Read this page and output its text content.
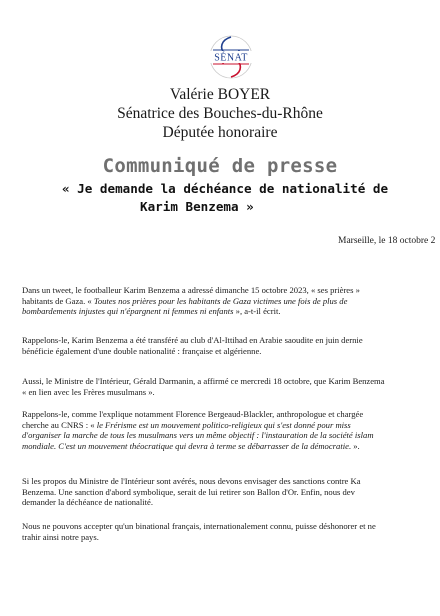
SÉNAT
Valérie BOYER
Sénatrice des Bouches-du-Rhône
Députée honoraire
Communiqué de presse
« Je demande la déchéance de nationalité de
Karim Benzema »
Marseille, le 18 octobre 2
Dans un tweet, le footballeur Karim Benzema a adressé dimanche 15 octobre 2023, « ses prières »
habitants de Gaza. « Toutes nos prières pour les habitants de Gaza victimes une fois de plus de
bombardements injustes qui n'épargnent ni femmes ni enfants », a-t-il écrit.
Rappelons-le, Karim Benzema a été transféré au club d'Al-Ittihad en Arabie saoudite en juin dernie
bénéficie également d'une double nationalité : française et algérienne.
Aussi, le Ministre de l'Intérieur, Gérald Darmanin, a affirmé ce mercredi 18 octobre, que Karim Benzema
« en lien avec les Frères musulmans ».
Rappelons-le, comme l'explique notamment Florence Bergeaud-Blackler, anthropologue et chargée
cherche au CNRS : « le Frérisme est un mouvement politico-religieux qui s'est donné pour miss
d'organiser la marche de tous les musulmans vers un même objectif : l'instauration de la société islam
mondiale. C'est un mouvement théocratique qui devra à terme se débarrasser de la démocratie. ».
Si les propos du Ministre de l'Intérieur sont avérés, nous devons envisager des sanctions contre Ka
Benzema. Une sanction d'abord symbolique, serait de lui retirer son Ballon d'Or. Enfin, nous dev
demander la déchéance de nationalité.
Nous ne pouvons accepter qu'un binational français, internationalement connu, puisse déshonorer et ne
trahir ainsi notre pays.
